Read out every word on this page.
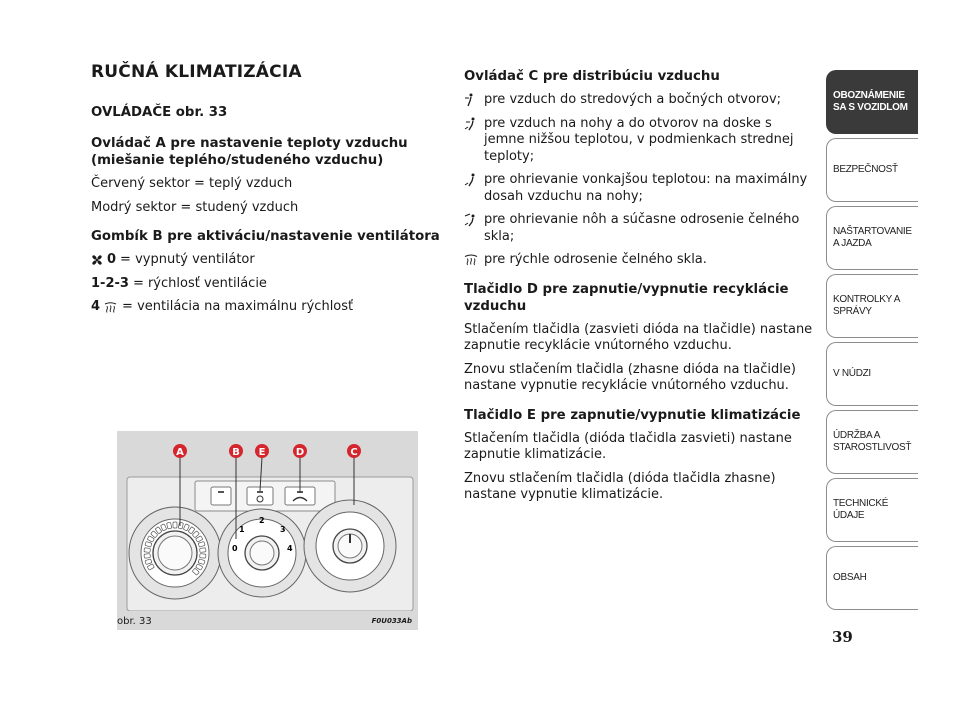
RUČNÁ KLIMATIZÁCIA
OVLÁDAČE obr. 33
Ovládač A pre nastavenie teploty vzduchu (miešanie teplého/studeného vzduchu)
Červený sektor = teplý vzduch
Modrý sektor = studený vzduch
Gombík B pre aktiváciu/nastavenie ventilátora
0 = vypnutý ventilátor
1-2-3 = rýchlosť ventilácie
4 = ventilácia na maximálnu rýchlosť
Ovládač C pre distribúciu vzduchu
pre vzduch do stredových a bočných otvorov;
pre vzduch na nohy a do otvorov na doske s jemne nižšou teplotou, v podmienkach strednej teploty;
pre ohrievanie vonkajšou teplotou: na maximálny dosah vzduchu na nohy;
pre ohrievanie nôh a súčasne odrosenie čelného skla;
pre rýchle odrosenie čelného skla.
Tlačidlo D pre zapnutie/vypnutie recyklácie vzduchu
Stlačením tlačidla (zasvieti dióda na tlačidle) nastane zapnutie recyklácie vnútorného vzduchu.
Znovu stlačením tlačidla (zhasne dióda na tlačidle) nastane vypnutie recyklácie vnútorného vzduchu.
Tlačidlo E pre zapnutie/vypnutie klimatizácie
Stlačením tlačidla (dióda tlačidla zasvieti) nastane zapnutie klimatizácie.
Znovu stlačením tlačidla (dióda tlačidla zhasne) nastane vypnutie klimatizácie.
0
1
2
3
4
A	B E	D	C
obr. 33	F0U033Ab
OBOZNÁMENIE SA S VOZIDLOM
BEZPEČNOSŤ
NAŠTARTOVANIE A JAZDA
KONTROLKY A SPRÁVY
V NÚDZI
ÚDRŽBA A STAROSTLIVOSŤ
TECHNICKÉ ÚDAJE
OBSAH
39
